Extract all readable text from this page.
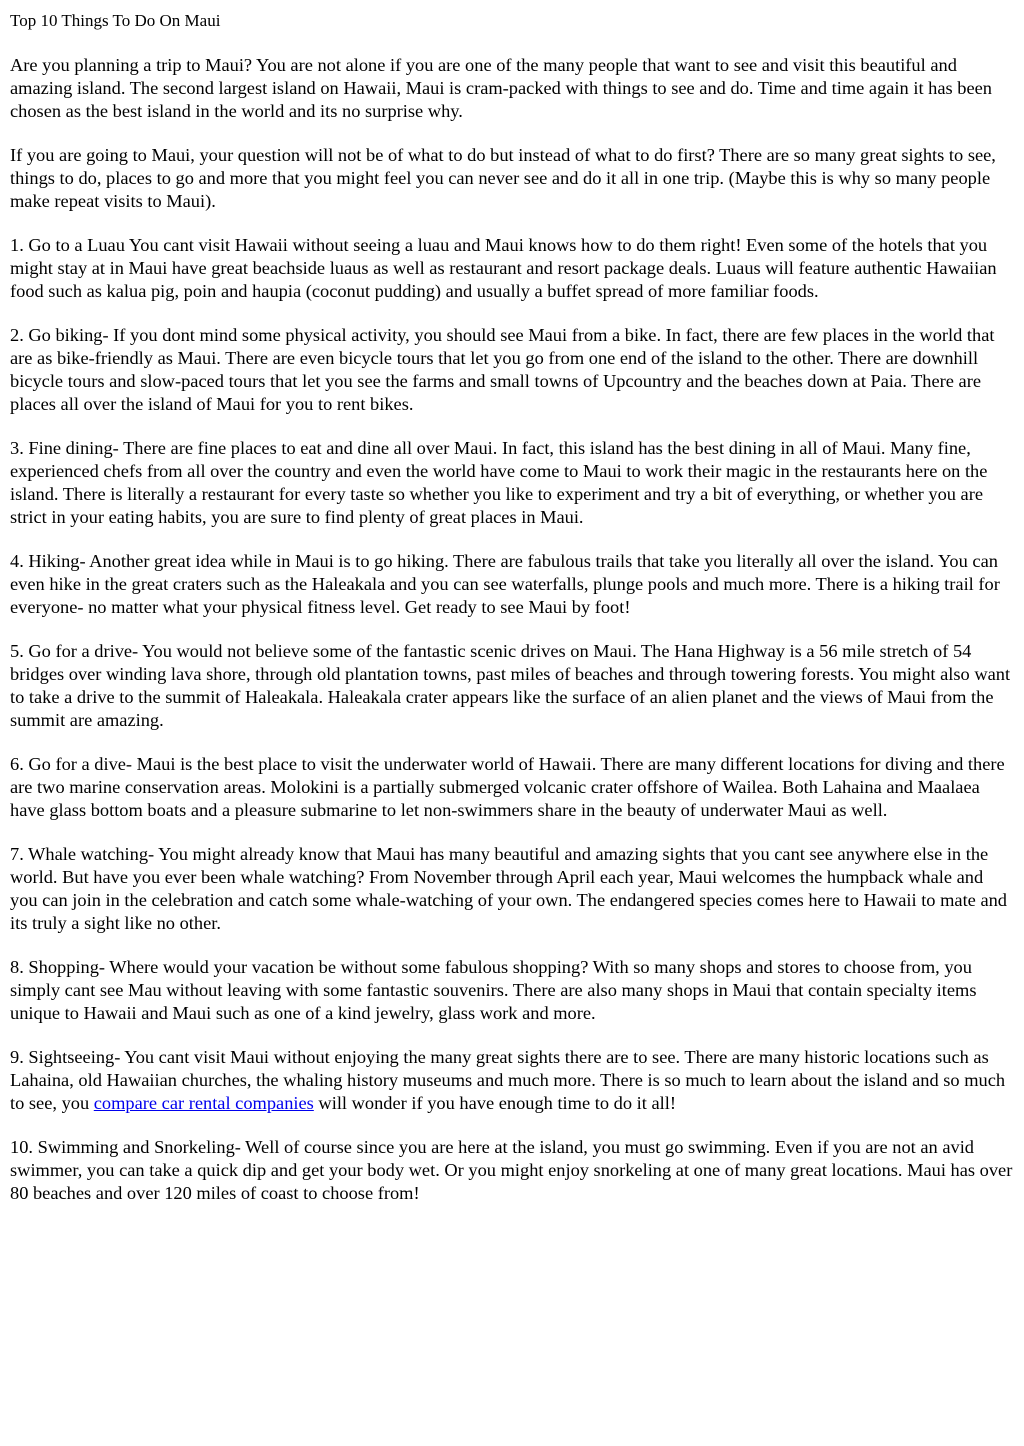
Top 10 Things To Do On Maui

Are you planning a trip to Maui? You are not alone if you are one of the many people that want to see and visit this beautiful and amazing island. The second largest island on Hawaii, Maui is cram-packed with things to see and do. Time and time again it has been chosen as the best island in the world and its no surprise why.

If you are going to Maui, your question will not be of what to do but instead of what to do first? There are so many great sights to see, things to do, places to go and more that you might feel you can never see and do it all in one trip. (Maybe this is why so many people make repeat visits to Maui).

1. Go to a Luau You cant visit Hawaii without seeing a luau and Maui knows how to do them right! Even some of the hotels that you might stay at in Maui have great beachside luaus as well as restaurant and resort package deals. Luaus will feature authentic Hawaiian food such as kalua pig, poin and haupia (coconut pudding) and usually a buffet spread of more familiar foods.

2. Go biking- If you dont mind some physical activity, you should see Maui from a bike. In fact, there are few places in the world that are as bike-friendly as Maui. There are even bicycle tours that let you go from one end of the island to the other. There are downhill bicycle tours and slow-paced tours that let you see the farms and small towns of Upcountry and the beaches down at Paia. There are places all over the island of Maui for you to rent bikes.

3. Fine dining- There are fine places to eat and dine all over Maui. In fact, this island has the best dining in all of Maui. Many fine, experienced chefs from all over the country and even the world have come to Maui to work their magic in the restaurants here on the island. There is literally a restaurant for every taste so whether you like to experiment and try a bit of everything, or whether you are strict in your eating habits, you are sure to find plenty of great places in Maui.

4. Hiking- Another great idea while in Maui is to go hiking. There are fabulous trails that take you literally all over the island. You can even hike in the great craters such as the Haleakala and you can see waterfalls, plunge pools and much more. There is a hiking trail for everyone- no matter what your physical fitness level. Get ready to see Maui by foot!

5. Go for a drive- You would not believe some of the fantastic scenic drives on Maui. The Hana Highway is a 56 mile stretch of 54 bridges over winding lava shore, through old plantation towns, past miles of beaches and through towering forests. You might also want to take a drive to the summit of Haleakala. Haleakala crater appears like the surface of an alien planet and the views of Maui from the summit are amazing.

6. Go for a dive- Maui is the best place to visit the underwater world of Hawaii. There are many different locations for diving and there are two marine conservation areas. Molokini is a partially submerged volcanic crater offshore of Wailea. Both Lahaina and Maalaea have glass bottom boats and a pleasure submarine to let non-swimmers share in the beauty of underwater Maui as well.

7. Whale watching- You might already know that Maui has many beautiful and amazing sights that you cant see anywhere else in the world. But have you ever been whale watching? From November through April each year, Maui welcomes the humpback whale and you can join in the celebration and catch some whale-watching of your own. The endangered species comes here to Hawaii to mate and its truly a sight like no other.

8. Shopping- Where would your vacation be without some fabulous shopping? With so many shops and stores to choose from, you simply cant see Mau without leaving with some fantastic souvenirs. There are also many shops in Maui that contain specialty items unique to Hawaii and Maui such as one of a kind jewelry, glass work and more.

9. Sightseeing- You cant visit Maui without enjoying the many great sights there are to see. There are many historic locations such as Lahaina, old Hawaiian churches, the whaling history museums and much more. There is so much to learn about the island and so much to see, you compare car rental companies will wonder if you have enough time to do it all!

10. Swimming and Snorkeling- Well of course since you are here at the island, you must go swimming. Even if you are not an avid swimmer, you can take a quick dip and get your body wet. Or you might enjoy snorkeling at one of many great locations. Maui has over 80 beaches and over 120 miles of coast to choose from!
